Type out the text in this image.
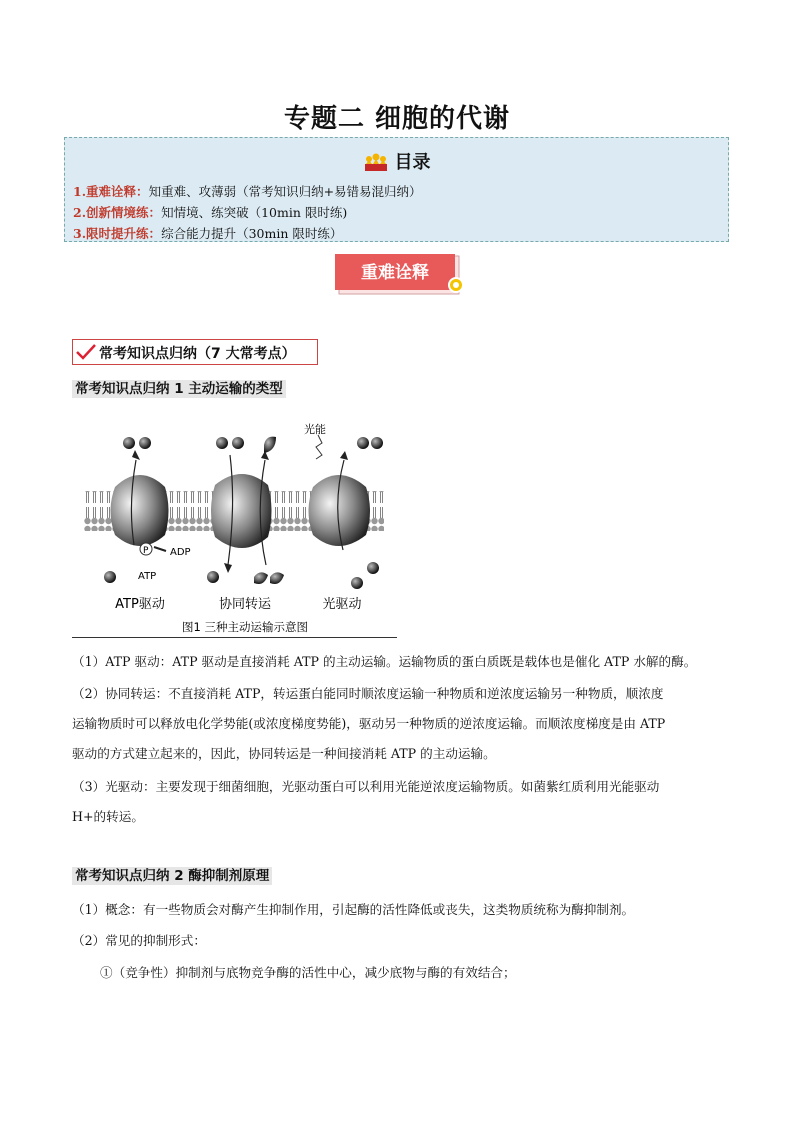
专题二 细胞的代谢
目录
1.重难诠释：知重难、攻薄弱（常考知识归纳+易错易混归纳）
2.创新情境练：知情境、练突破（10min 限时练)
3.限时提升练：综合能力提升（30min 限时练）
重难诠释
常考知识点归纳（7 大常考点）
常考知识点归纳 1 主动运输的类型
光能
P ADP
ATP
ATP驱动	协同转运	光驱动
图1 三种主动运输示意图
（1）ATP 驱动：ATP 驱动是直接消耗 ATP 的主动运输。运输物质的蛋白质既是载体也是催化 ATP 水解的酶。
（2）协同转运：不直接消耗 ATP，转运蛋白能同时顺浓度运输一种物质和逆浓度运输另一种物质，顺浓度
运输物质时可以释放电化学势能(或浓度梯度势能)，驱动另一种物质的逆浓度运输。而顺浓度梯度是由 ATP
驱动的方式建立起来的，因此，协同转运是一种间接消耗 ATP 的主动运输。
（3）光驱动：主要发现于细菌细胞，光驱动蛋白可以利用光能逆浓度运输物质。如菌紫红质利用光能驱动
H+的转运。
常考知识点归纳 2 酶抑制剂原理
（1）概念：有一些物质会对酶产生抑制作用，引起酶的活性降低或丧失，这类物质统称为酶抑制剂。
（2）常见的抑制形式：
①（竞争性）抑制剂与底物竞争酶的活性中心，减少底物与酶的有效结合；
